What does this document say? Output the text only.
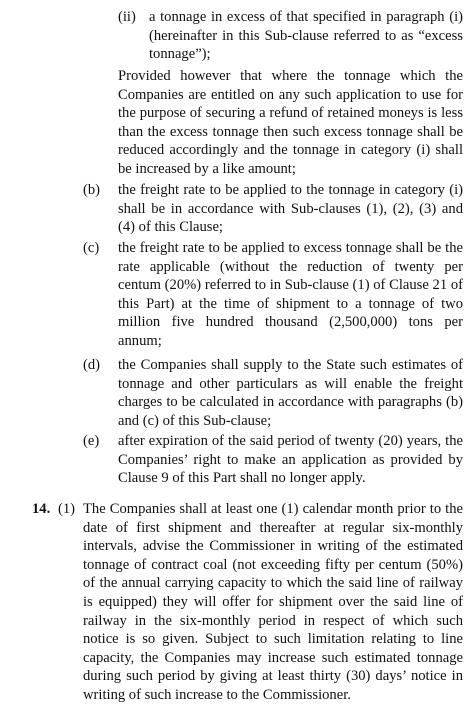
(ii) a tonnage in excess of that specified in paragraph (i) (hereinafter in this Sub-clause referred to as “excess tonnage”);
Provided however that where the tonnage which the Companies are entitled on any such application to use for the purpose of securing a refund of retained moneys is less than the excess tonnage then such excess tonnage shall be reduced accordingly and the tonnage in category (i) shall be increased by a like amount;
(b) the freight rate to be applied to the tonnage in category (i) shall be in accordance with Sub-clauses (1), (2), (3) and (4) of this Clause;
(c) the freight rate to be applied to excess tonnage shall be the rate applicable (without the reduction of twenty per centum (20%) referred to in Sub-clause (1) of Clause 21 of this Part) at the time of shipment to a tonnage of two million five hundred thousand (2,500,000) tons per annum;
(d) the Companies shall supply to the State such estimates of tonnage and other particulars as will enable the freight charges to be calculated in accordance with paragraphs (b) and (c) of this Sub-clause;
(e) after expiration of the said period of twenty (20) years, the Companies’ right to make an application as provided by Clause 9 of this Part shall no longer apply.
14. (1) The Companies shall at least one (1) calendar month prior to the date of first shipment and thereafter at regular six-monthly intervals, advise the Commissioner in writing of the estimated tonnage of contract coal (not exceeding fifty per centum (50%) of the annual carrying capacity to which the said line of railway is equipped) they will offer for shipment over the said line of railway in the six-monthly period in respect of which such notice is so given. Subject to such limitation relating to line capacity, the Companies may increase such estimated tonnage during such period by giving at least thirty (30) days’ notice in writing of such increase to the Commissioner.
